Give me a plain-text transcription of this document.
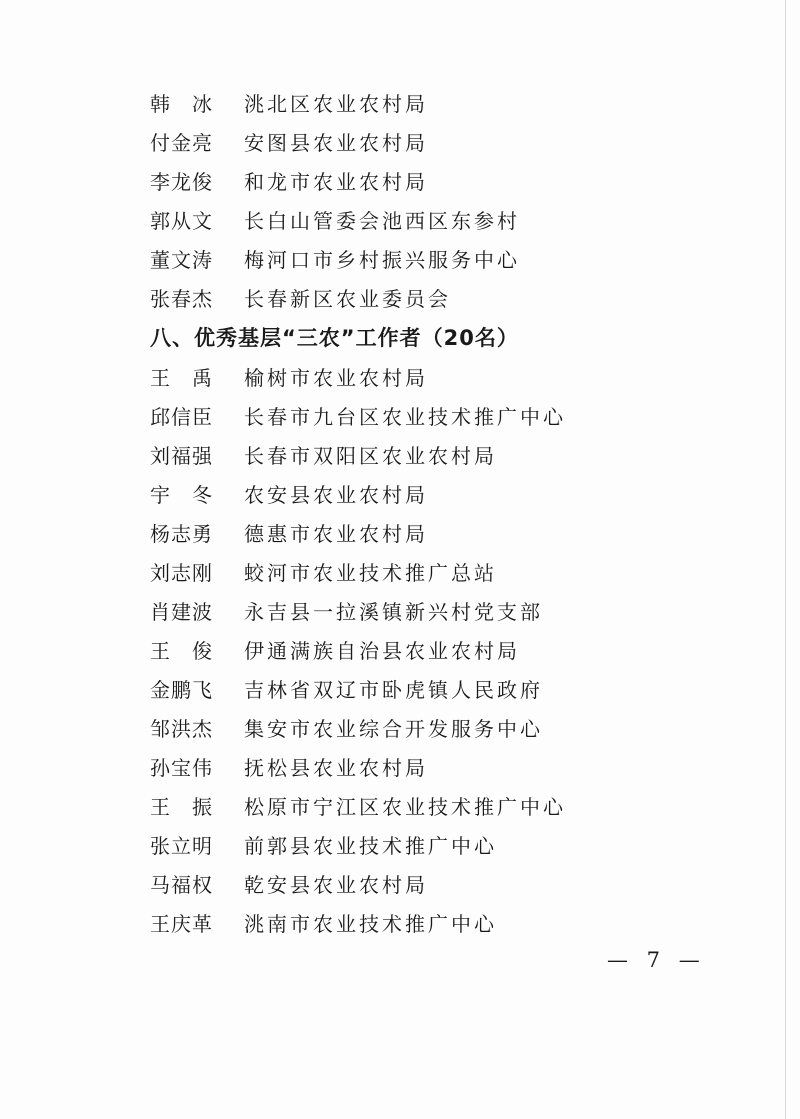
韩　冰 洮北区农业农村局
付金亮 安图县农业农村局
李龙俊 和龙市农业农村局
郭从文 长白山管委会池西区东参村
董文涛 梅河口市乡村振兴服务中心
张春杰 长春新区农业委员会
八、优秀基层“三农”工作者（20名）
王　禹 榆树市农业农村局
邱信臣 长春市九台区农业技术推广中心
刘福强 长春市双阳区农业农村局
宇　冬 农安县农业农村局
杨志勇 德惠市农业农村局
刘志刚 蛟河市农业技术推广总站
肖建波 永吉县一拉溪镇新兴村党支部
王　俊 伊通满族自治县农业农村局
金鹏飞 吉林省双辽市卧虎镇人民政府
邹洪杰 集安市农业综合开发服务中心
孙宝伟 抚松县农业农村局
王　振 松原市宁江区农业技术推广中心
张立明 前郭县农业技术推广中心
马福权 乾安县农业农村局
王庆革 洮南市农业技术推广中心
— 7 —
